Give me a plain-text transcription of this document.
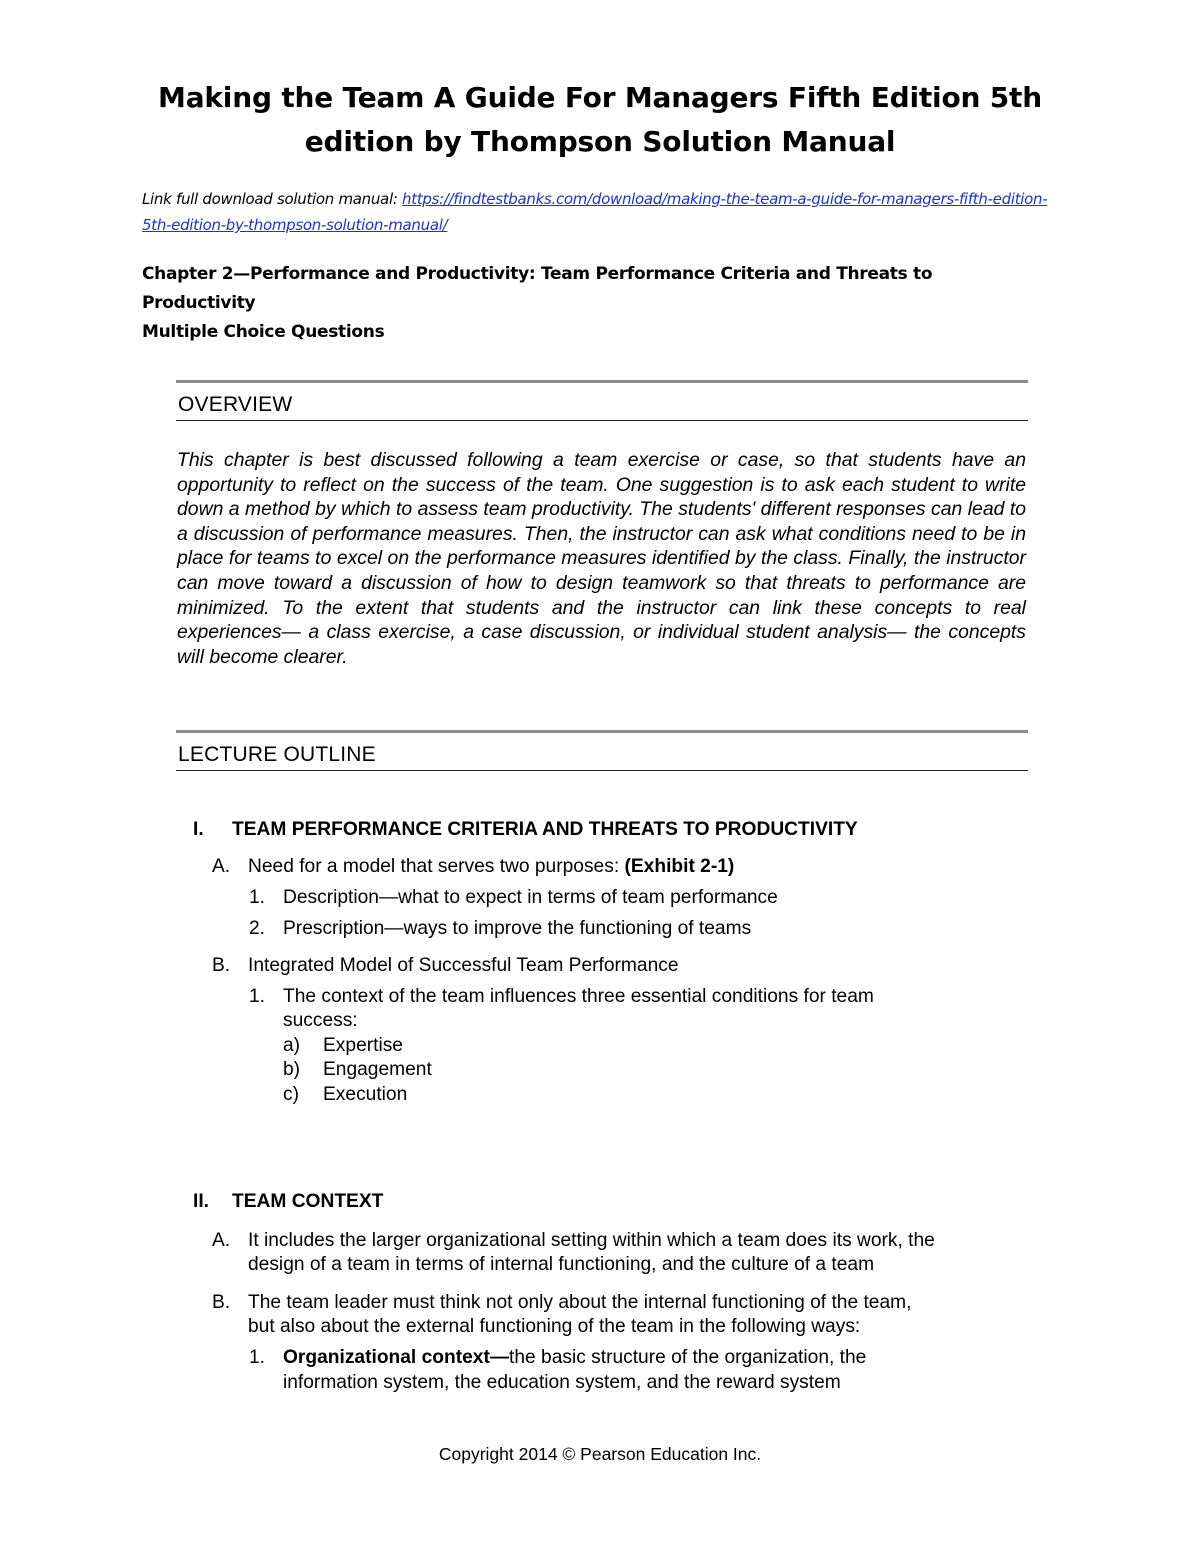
Making the Team A Guide For Managers Fifth Edition 5th edition by Thompson Solution Manual
Link full download solution manual: https://findtestbanks.com/download/making-the-team-a-guide-for-managers-fifth-edition-5th-edition-by-thompson-solution-manual/
Chapter 2—Performance and Productivity: Team Performance Criteria and Threats to
Productivity
Multiple Choice Questions
OVERVIEW
This chapter is best discussed following a team exercise or case, so that students have an opportunity to reflect on the success of the team. One suggestion is to ask each student to write down a method by which to assess team productivity. The students' different responses can lead to a discussion of performance measures. Then, the instructor can ask what conditions need to be in place for teams to excel on the performance measures identified by the class. Finally, the instructor can move toward a discussion of how to design teamwork so that threats to performance are minimized. To the extent that students and the instructor can link these concepts to real experiences— a class exercise, a case discussion, or individual student analysis— the concepts will become clearer.
LECTURE OUTLINE
I. TEAM PERFORMANCE CRITERIA AND THREATS TO PRODUCTIVITY
A. Need for a model that serves two purposes: (Exhibit 2-1)
1. Description—what to expect in terms of team performance
2. Prescription—ways to improve the functioning of teams
B. Integrated Model of Successful Team Performance
1. The context of the team influences three essential conditions for team
success:
a) Expertise
b) Engagement
c) Execution
II. TEAM CONTEXT
A. It includes the larger organizational setting within which a team does its work, the
design of a team in terms of internal functioning, and the culture of a team
B. The team leader must think not only about the internal functioning of the team,
but also about the external functioning of the team in the following ways:
1. Organizational context—the basic structure of the organization, the
information system, the education system, and the reward system
Copyright 2014 © Pearson Education Inc.
